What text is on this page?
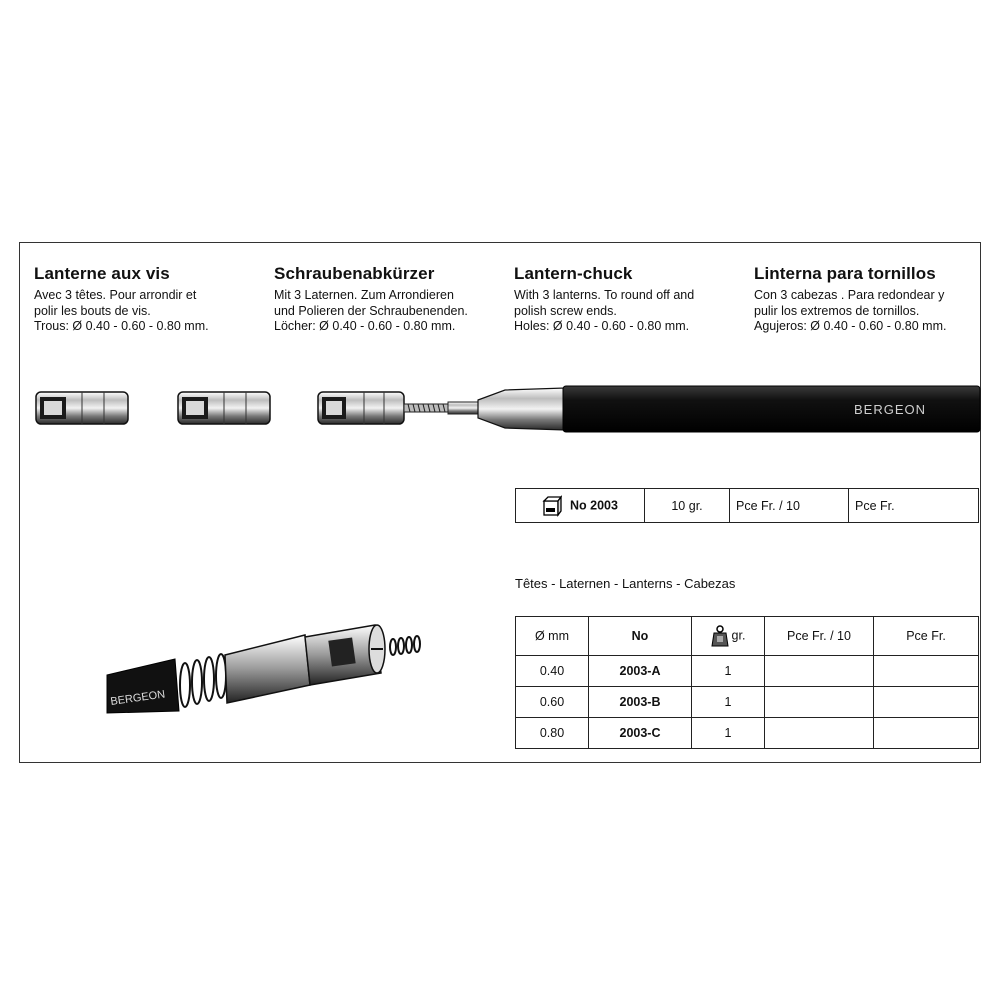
Lanterne aux vis

Avec 3 têtes. Pour arrondir et
polir les bouts de vis.
Trous: Ø 0.40 - 0.60 - 0.80 mm.

Schraubenabkürzer

Mit 3 Laternen. Zum Arrondieren
und Polieren der Schraubenenden.
Löcher: Ø 0.40 - 0.60 - 0.80 mm.

Lantern-chuck

With 3 lanterns. To round off and
polish screw ends.
Holes: Ø 0.40 - 0.60 - 0.80 mm.

Linterna para tornillos

Con 3 cabezas . Para redondear y
pulir los extremos de tornillos.
Agujeros: Ø 0.40 - 0.60 - 0.80 mm.

BERGEON
No 2003	10 gr.	Pce Fr. / 10	Pce Fr.
Têtes - Laternen - Lanterns - Cabezas
Ø mm	No	gr.	Pce Fr. / 10	Pce Fr.
0.40	2003-A	1		
0.60	2003-B	1		
0.80	2003-C	1		
BERGEON
